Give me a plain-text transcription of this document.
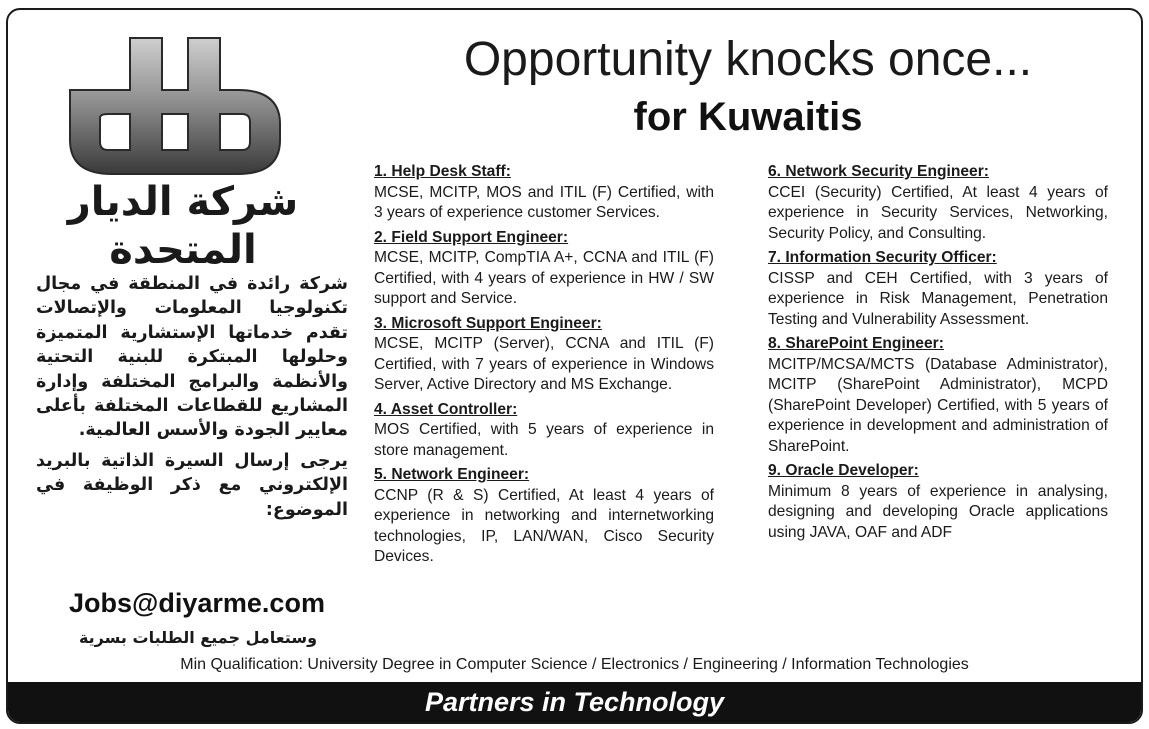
شركة الديار المتحدة

شركة رائدة في المنطقة في مجال تكنولوجيا المعلومات والإتصالات تقدم خدماتها الإستشارية المتميزة وحلولها المبتكرة للبنية التحتية والأنظمة والبرامج المختلفة وإدارة المشاريع للقطاعات المختلفة بأعلى معايير الجودة والأسس العالمية.

يرجى إرسال السيرة الذاتية بالبريد الإلكتروني مع ذكر الوظيفة في الموضوع:

Jobs@diyarme.com
وستعامل جميع الطلبات بسرية
Opportunity knocks once...
for Kuwaitis
1. Help Desk Staff:
MCSE, MCITP, MOS and ITIL (F) Certified, with 3 years of experience customer Services.
2. Field Support Engineer:
MCSE, MCITP, CompTIA A+, CCNA and ITIL (F) Certified, with 4 years of experience in HW / SW support and Service.
3. Microsoft Support Engineer:
MCSE, MCITP (Server), CCNA and ITIL (F) Certified, with 7 years of experience in Windows Server, Active Directory and MS Exchange.
4. Asset Controller:
MOS Certified, with 5 years of experience in store management.
5. Network Engineer:
CCNP (R & S) Certified, At least 4 years of experience in networking and internetworking technologies, IP, LAN/WAN, Cisco Security Devices.
6. Network Security Engineer:
CCEI (Security) Certified, At least 4 years of experience in Security Services, Networking, Security Policy, and Consulting.
7. Information Security Officer:
CISSP and CEH Certified, with 3 years of experience in Risk Management, Penetration Testing and Vulnerability Assessment.
8. SharePoint Engineer:
MCITP/MCSA/MCTS (Database Administrator), MCITP (SharePoint Administrator), MCPD (SharePoint Developer) Certified, with 5 years of experience in development and administration of SharePoint.
9. Oracle Developer:
Minimum 8 years of experience in analysing, designing and developing Oracle applications using JAVA, OAF and ADF
Min Qualification: University Degree in Computer Science / Electronics / Engineering / Information Technologies
Partners in Technology
